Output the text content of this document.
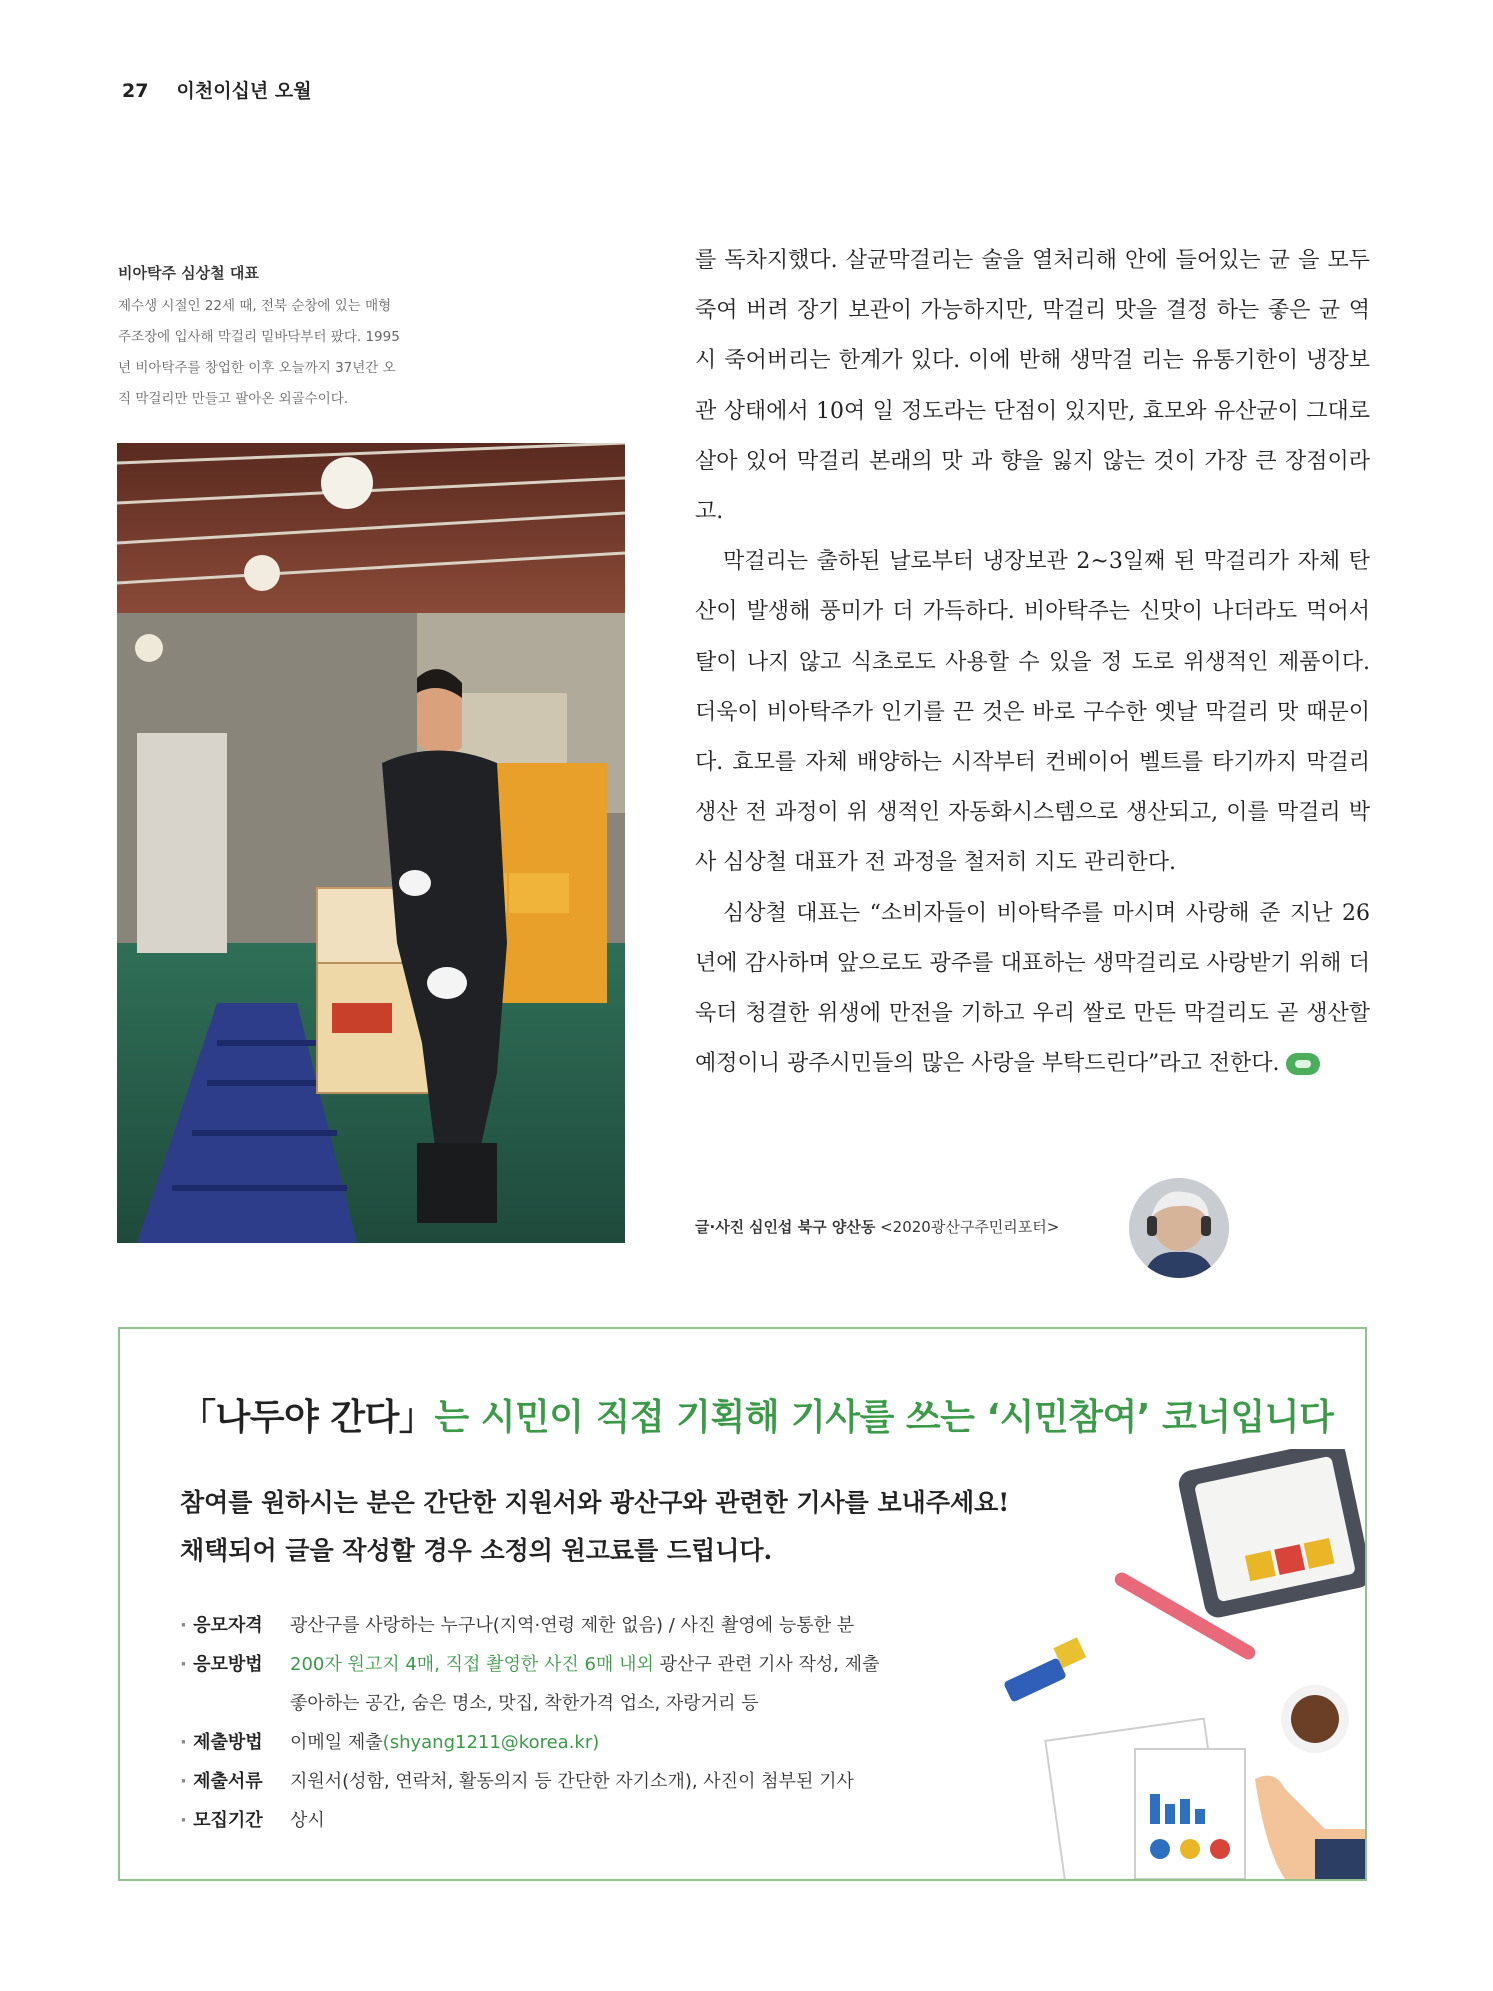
27 이천이십년 오월
비아탁주 심상철 대표
제수생 시절인 22세 때, 전북 순창에 있는 매형
주조장에 입사해 막걸리 밑바닥부터 팠다. 1995
년 비아탁주를 창업한 이후 오늘까지 37년간 오
직 막걸리만 만들고 팔아온 외골수이다.

를 독차지했다. 살균막걸리는 술을 열처리해 안에 들어있는 균 을 모두 죽여 버려 장기 보관이 가능하지만, 막걸리 맛을 결정 하는 좋은 균 역시 죽어버리는 한계가 있다. 이에 반해 생막걸 리는 유통기한이 냉장보관 상태에서 10여 일 정도라는 단점이 있지만, 효모와 유산균이 그대로 살아 있어 막걸리 본래의 맛 과 향을 잃지 않는 것이 가장 큰 장점이라고.

막걸리는 출하된 날로부터 냉장보관 2~3일째 된 막걸리가 자체 탄산이 발생해 풍미가 더 가득하다. 비아탁주는 신맛이 나더라도 먹어서 탈이 나지 않고 식초로도 사용할 수 있을 정 도로 위생적인 제품이다. 더욱이 비아탁주가 인기를 끈 것은 바로 구수한 옛날 막걸리 맛 때문이다. 효모를 자체 배양하는 시작부터 컨베이어 벨트를 타기까지 막걸리 생산 전 과정이 위 생적인 자동화시스템으로 생산되고, 이를 막걸리 박사 심상철 대표가 전 과정을 철저히 지도 관리한다.

심상철 대표는 “소비자들이 비아탁주를 마시며 사랑해 준 지난 26년에 감사하며 앞으로도 광주를 대표하는 생막걸리로 사랑받기 위해 더욱더 청결한 위생에 만전을 기하고 우리 쌀로 만든 막걸리도 곧 생산할 예정이니 광주시민들의 많은 사랑을 부탁드린다”라고 전한다.

글·사진 심인섭 북구 양산동 <2020광산구주민리포터>
「나두야 간다」는 시민이 직접 기획해 기사를 쓰는 ‘시민참여’ 코너입니다

참여를 원하시는 분은 간단한 지원서와 광산구와 관련한 기사를 보내주세요!

채택되어 글을 작성할 경우 소정의 원고료를 드립니다.

· 응모자격 광산구를 사랑하는 누구나(지역·연령 제한 없음) / 사진 촬영에 능통한 분
· 응모방법 200자 원고지 4매, 직접 촬영한 사진 6매 내외 광산구 관련 기사 작성, 제출
좋아하는 공간, 숨은 명소, 맛집, 착한가격 업소, 자랑거리 등
· 제출방법 이메일 제출(shyang1211@korea.kr)
· 제출서류 지원서(성함, 연락처, 활동의지 등 간단한 자기소개), 사진이 첨부된 기사
· 모집기간 상시
